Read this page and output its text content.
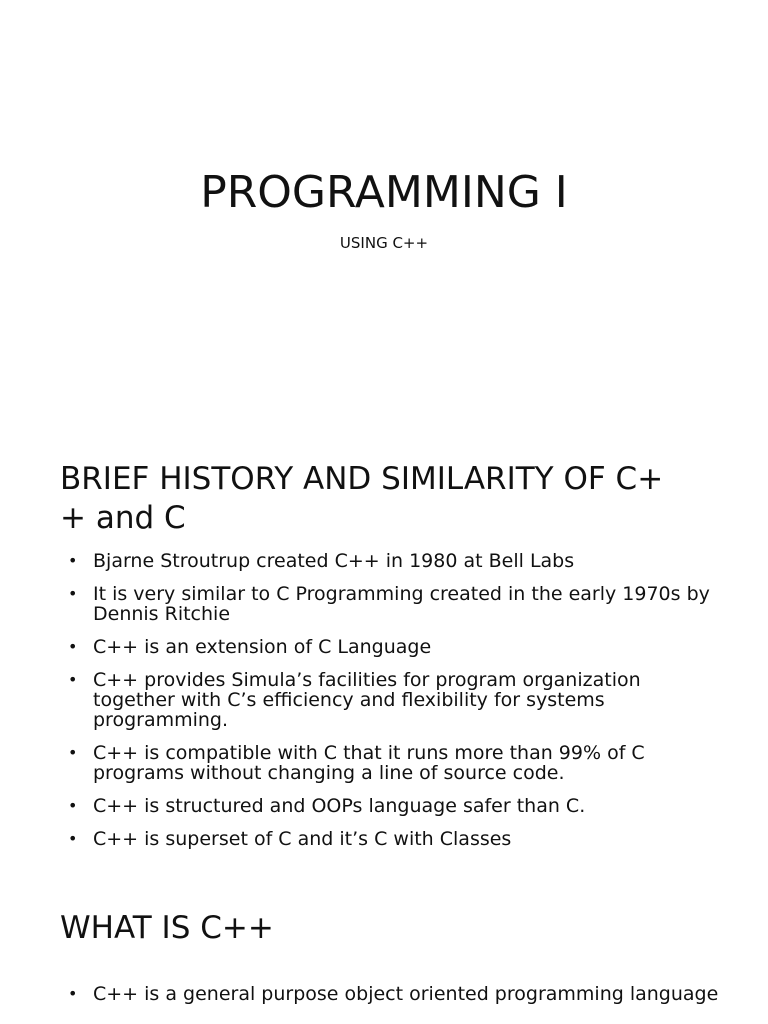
PROGRAMMING I

USING C++

BRIEF HISTORY AND SIMILARITY OF C+
+ and C
• Bjarne Stroutrup created C++ in 1980 at Bell Labs
• It is very similar to C Programming created in the early 1970s by Dennis Ritchie
• C++ is an extension of C Language
• C++ provides Simula’s facilities for program organization together with C’s efficiency and flexibility for systems programming.
• C++ is compatible with C that it runs more than 99% of C programs without changing a line of source code.
• C++ is structured and OOPs language safer than C.
• C++ is superset of C and it’s C with Classes
WHAT IS C++
• C++ is a general purpose object oriented programming language
